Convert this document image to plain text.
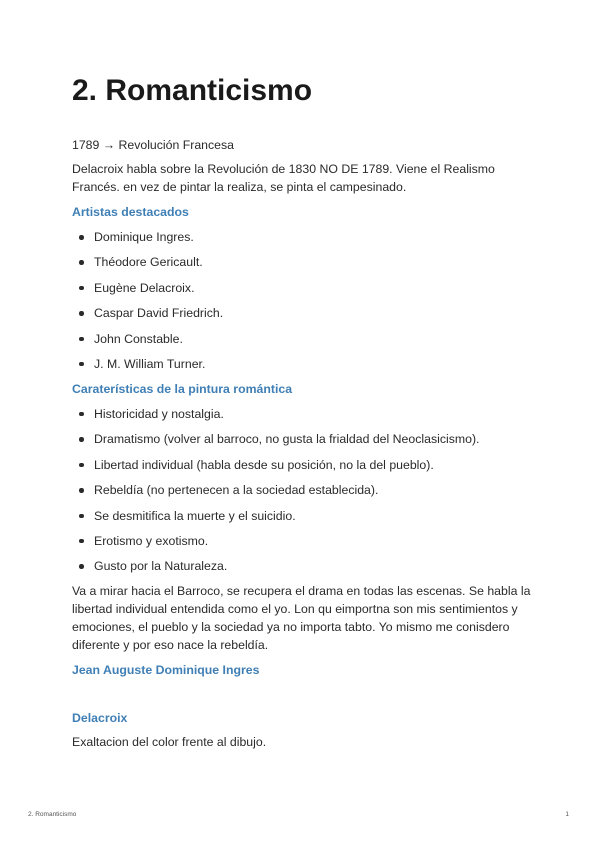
2. Romanticismo

1789 → Revolución Francesa

Delacroix habla sobre la Revolución de 1830 NO DE 1789. Viene el Realismo Francés. en vez de pintar la realiza, se pinta el campesinado.

Artistas destacados

Dominique Ingres.
Théodore Gericault.
Eugène Delacroix.
Caspar David Friedrich.
John Constable.
J. M. William Turner.

Caraterísticas de la pintura romántica

Historicidad y nostalgia.
Dramatismo (volver al barroco, no gusta la frialdad del Neoclasicismo).
Libertad individual (habla desde su posición, no la del pueblo).
Rebeldía (no pertenecen a la sociedad establecida).
Se desmitifica la muerte y el suicidio.
Erotismo y exotismo.
Gusto por la Naturaleza.

Va a mirar hacia el Barroco, se recupera el drama en todas las escenas. Se habla la libertad individual entendida como el yo. Lon qu eimportna son mis sentimientos y emociones, el pueblo y la sociedad ya no importa tabto. Yo mismo me conisdero diferente y por eso nace la rebeldía.

Jean Auguste Dominique Ingres

Delacroix

Exaltacion del color frente al dibujo.

2. Romanticismo	1
